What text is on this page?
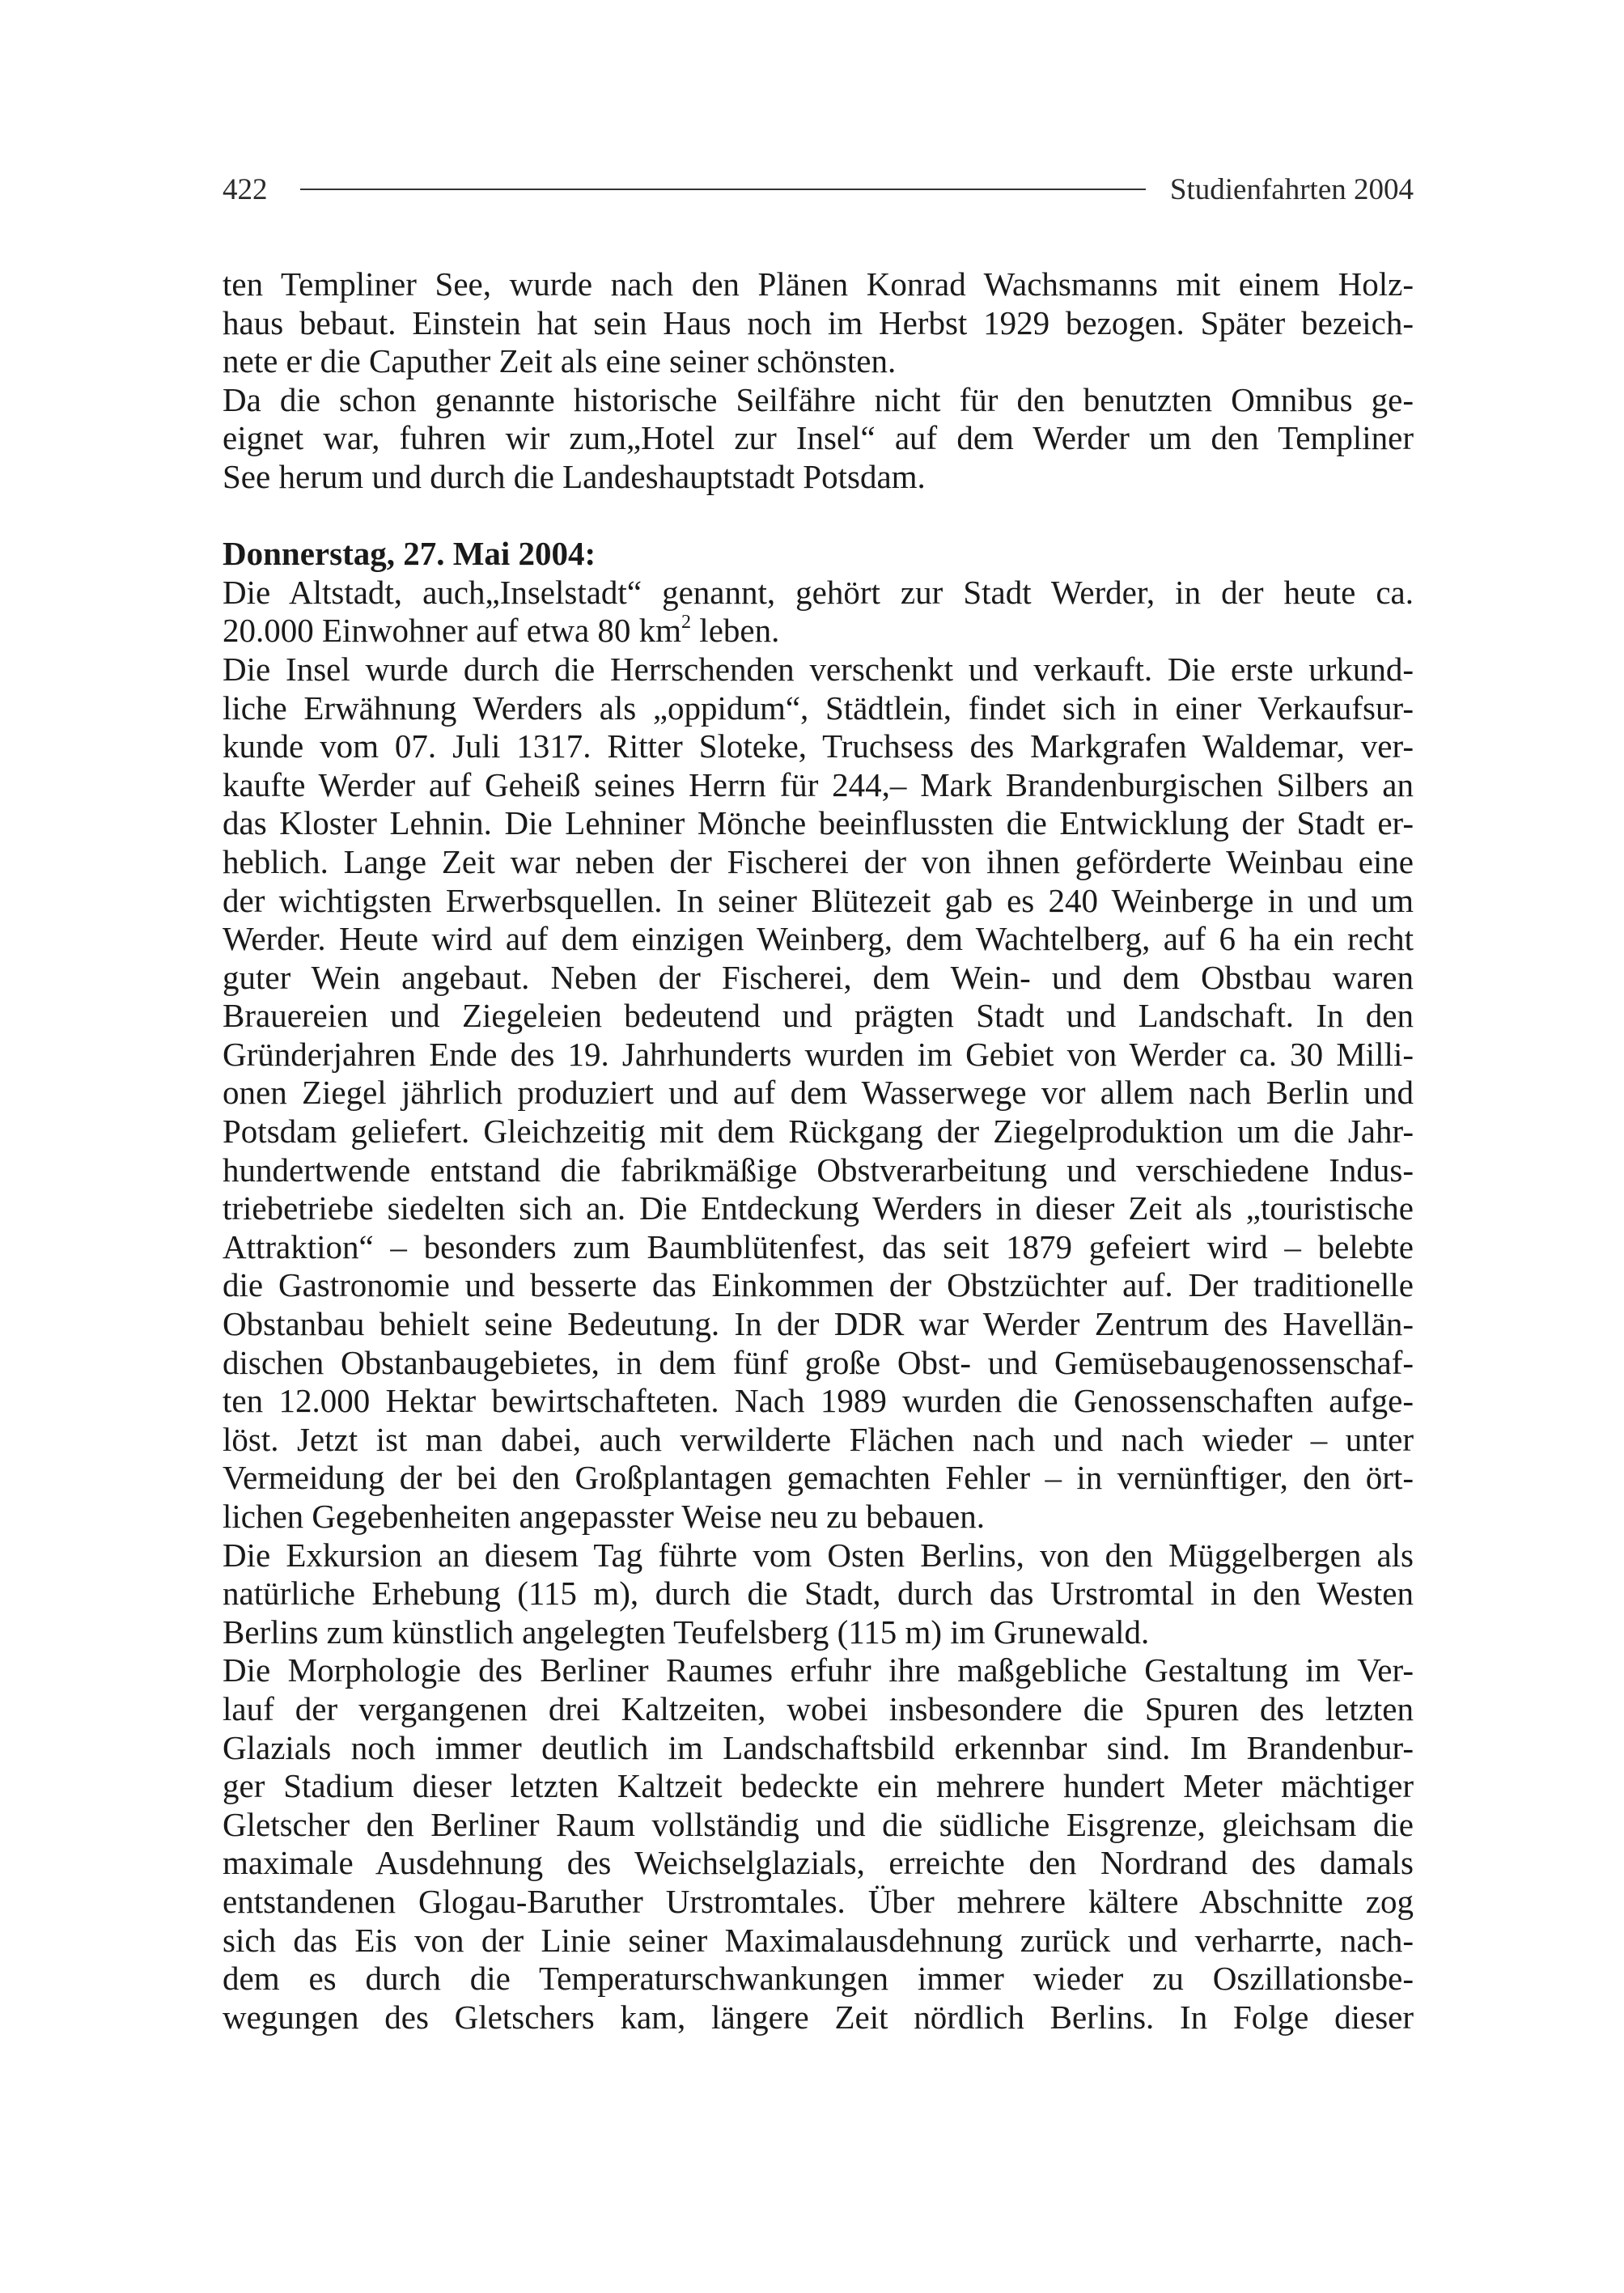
422	Studienfahrten 2004

ten Templiner See, wurde nach den Plänen Konrad Wachsmanns mit einem Holz-
haus bebaut. Einstein hat sein Haus noch im Herbst 1929 bezogen. Später bezeich-
nete er die Caputher Zeit als eine seiner schönsten.

Da die schon genannte historische Seilfähre nicht für den benutzten Omnibus ge-
eignet war, fuhren wir zum„Hotel zur Insel“ auf dem Werder um den Templiner
See herum und durch die Landeshauptstadt Potsdam.

Donnerstag, 27. Mai 2004:
Die Altstadt, auch„Inselstadt“ genannt, gehört zur Stadt Werder, in der heute ca.
20.000 Einwohner auf etwa 80 $km^2$ leben.

Die Insel wurde durch die Herrschenden verschenkt und verkauft. Die erste urkund-
liche Erwähnung Werders als „oppidum“, Städtlein, findet sich in einer Verkaufsur-
kunde vom 07. Juli 1317. Ritter Sloteke, Truchsess des Markgrafen Waldemar, ver-
kaufte Werder auf Geheiß seines Herrn für 244,– Mark Brandenburgischen Silbers an
das Kloster Lehnin. Die Lehniner Mönche beeinflussten die Entwicklung der Stadt er-
heblich. Lange Zeit war neben der Fischerei der von ihnen geförderte Weinbau eine
der wichtigsten Erwerbsquellen. In seiner Blütezeit gab es 240 Weinberge in und um
Werder. Heute wird auf dem einzigen Weinberg, dem Wachtelberg, auf 6 ha ein recht
guter Wein angebaut. Neben der Fischerei, dem Wein- und dem Obstbau waren
Brauereien und Ziegeleien bedeutend und prägten Stadt und Landschaft. In den
Gründerjahren Ende des 19. Jahrhunderts wurden im Gebiet von Werder ca. 30 Milli-
onen Ziegel jährlich produziert und auf dem Wasserwege vor allem nach Berlin und
Potsdam geliefert. Gleichzeitig mit dem Rückgang der Ziegelproduktion um die Jahr-
hundertwende entstand die fabrikmäßige Obstverarbeitung und verschiedene Indus-
triebetriebe siedelten sich an. Die Entdeckung Werders in dieser Zeit als „touristische
Attraktion“ – besonders zum Baumblütenfest, das seit 1879 gefeiert wird – belebte
die Gastronomie und besserte das Einkommen der Obstzüchter auf. Der traditionelle
Obstanbau behielt seine Bedeutung. In der DDR war Werder Zentrum des Havellän-
dischen Obstanbaugebietes, in dem fünf große Obst- und Gemüsebaugenossenschaf-
ten 12.000 Hektar bewirtschafteten. Nach 1989 wurden die Genossenschaften aufge-
löst. Jetzt ist man dabei, auch verwilderte Flächen nach und nach wieder – unter
Vermeidung der bei den Großplantagen gemachten Fehler – in vernünftiger, den ört-
lichen Gegebenheiten angepasster Weise neu zu bebauen.

Die Exkursion an diesem Tag führte vom Osten Berlins, von den Müggelbergen als
natürliche Erhebung (115 m), durch die Stadt, durch das Urstromtal in den Westen
Berlins zum künstlich angelegten Teufelsberg (115 m) im Grunewald.

Die Morphologie des Berliner Raumes erfuhr ihre maßgebliche Gestaltung im Ver-
lauf der vergangenen drei Kaltzeiten, wobei insbesondere die Spuren des letzten
Glazials noch immer deutlich im Landschaftsbild erkennbar sind. Im Brandenbur-
ger Stadium dieser letzten Kaltzeit bedeckte ein mehrere hundert Meter mächtiger
Gletscher den Berliner Raum vollständig und die südliche Eisgrenze, gleichsam die
maximale Ausdehnung des Weichselglazials, erreichte den Nordrand des damals
entstandenen Glogau-Baruther Urstromtales. Über mehrere kältere Abschnitte zog
sich das Eis von der Linie seiner Maximalausdehnung zurück und verharrte, nach-
dem es durch die Temperaturschwankungen immer wieder zu Oszillationsbe-
wegungen des Gletschers kam, längere Zeit nördlich Berlins. In Folge dieser
